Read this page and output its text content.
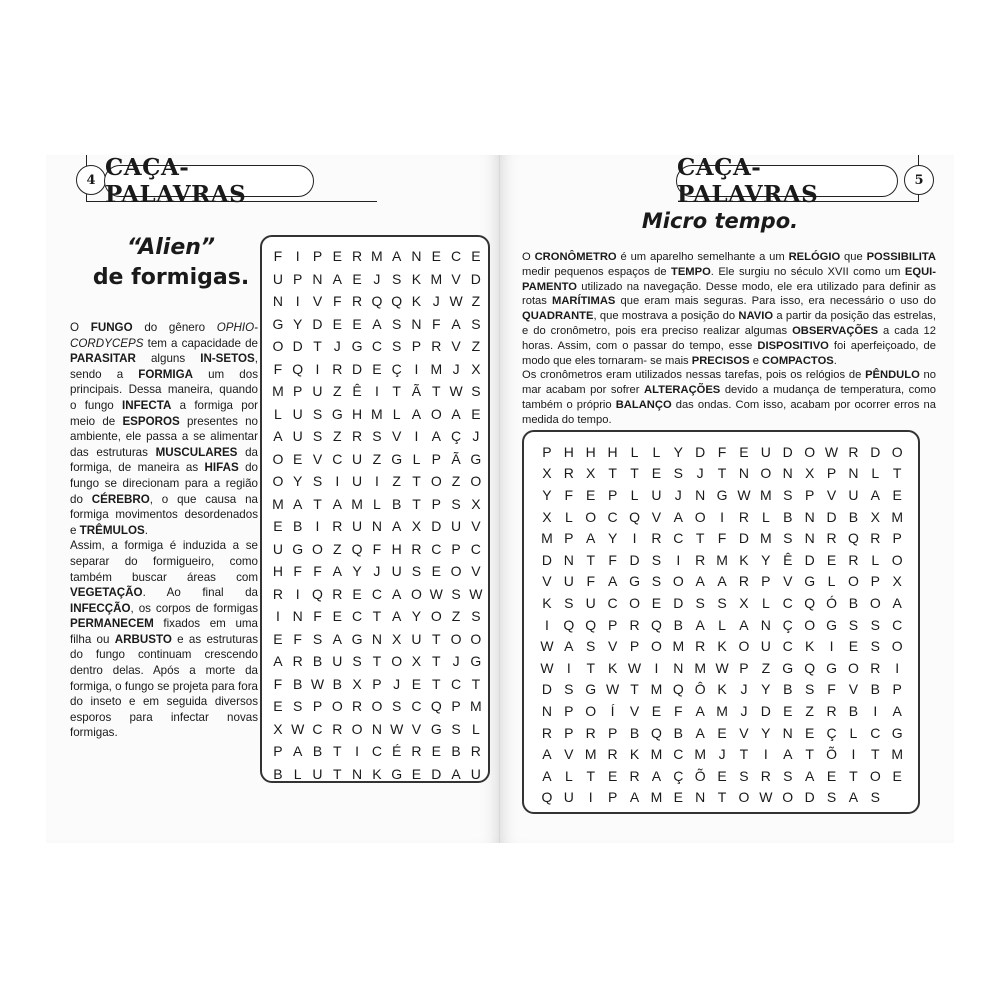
4 CAÇA-PALAVRAS
“Alien”
de formigas.

O FUNGO do gênero OPHIO-CORDYCEPS tem a capacidade de PARASITAR alguns IN-SETOS, sendo a FORMIGA um dos principais. Dessa maneira, quando o fungo INFECTA a formiga por meio de ESPOROS presentes no ambiente, ele passa a se alimentar das estruturas MUSCULARES da formiga, de maneira as HIFAS do fungo se direcionam para a região do CÉREBRO, o que causa na formiga movimentos desordenados e TRÊMULOS.

Assim, a formiga é induzida a se separar do formigueiro, como também buscar áreas com VEGETAÇÃO. Ao final da INFECÇÃO, os corpos de formigas PERMANECEM fixados em uma filha ou ARBUSTO e as estruturas do fungo continuam crescendo dentro delas. Após a morte da formiga, o fungo se projeta para fora do inseto e em seguida diversos esporos para infectar novas formigas.

F I P E R M A N E C E
U P N A E J S K M V D
N I V F R Q Q K J W Z
G Y D E E A S N F A S
O D T J G C S P R V Z
F Q I R D E Ç I M J X
M P U Z Ê I T Ã T W S
L U S G H M L A O A E
A U S Z R S V I A Ç J
O E V C U Z G L P Ã G
O Y S I U I Z T O Z O
M A T A M L B T P S X
E B I R U N A X D U V
U G O Z Q F H R C P C
H F F A Y J U S E O V
R I Q R E C A O W S W
I N F E C T A Y O Z S
E F S A G N X U T O O
A R B U S T O X T J G
F B W B X P J E T C T
E S P O R O S C Q P M
X W C R O N W V G S L
P A B T I C É R E B R
B L U T N K G E D A U
CAÇA-PALAVRAS
5
Micro tempo.

O CRONÔMETRO é um aparelho semelhante a um RELÓGIO que POSSIBILITA medir pequenos espaços de TEMPO. Ele surgiu no século XVII como um EQUI-PAMENTO utilizado na navegação. Desse modo, ele era utilizado para definir as rotas MARÍTIMAS que eram mais seguras. Para isso, era necessário o uso do QUADRANTE, que mostrava a posição do NAVIO a partir da posição das estrelas, e do cronômetro, pois era preciso realizar algumas OBSERVAÇÕES a cada 12 horas. Assim, com o passar do tempo, esse DISPOSITIVO foi aperfeiçoado, de modo que eles tornaram- se mais PRECISOS e COMPACTOS.

Os cronômetros eram utilizados nessas tarefas, pois os relógios de PÊNDULO no mar acabam por sofrer ALTERAÇÕES devido a mudança de temperatura, como também o próprio BALANÇO das ondas. Com isso, acabam por ocorrer erros na medida do tempo.

P H H H L	L Y D F E U D O W R D O
X R X T T E S J	T N O N X P N L T
Y F E P L U J N G W M S P V U A E
X L O C Q V A O	I	R L B N D B X M
M P A Y	I	R C T F D M S N R Q R P
D N T F D S	I	R M K Y Ê D E R L O
V U F A G S O A A R P V G L O P X
K S U C O E D S S X L C Q Ó B O A
I	Q Q P R Q B A L A N Ç O G S S C
W A S V P O M R K O U C K	I	E S O
W I	T K W I	N M W P Z G Q G O R	I
D S G W T M Q Ô K J Y B S F V B P
N P O	Í	V E F A M J D E Z R B	I	A
R P R P B Q B A E V Y N E Ç L C G
A V M R K M C M J	T	I	A T Õ	I	T M
A L T E R A Ç Õ E S R S A E T O E
Q U	I	P A M E N T O W O D S A S
